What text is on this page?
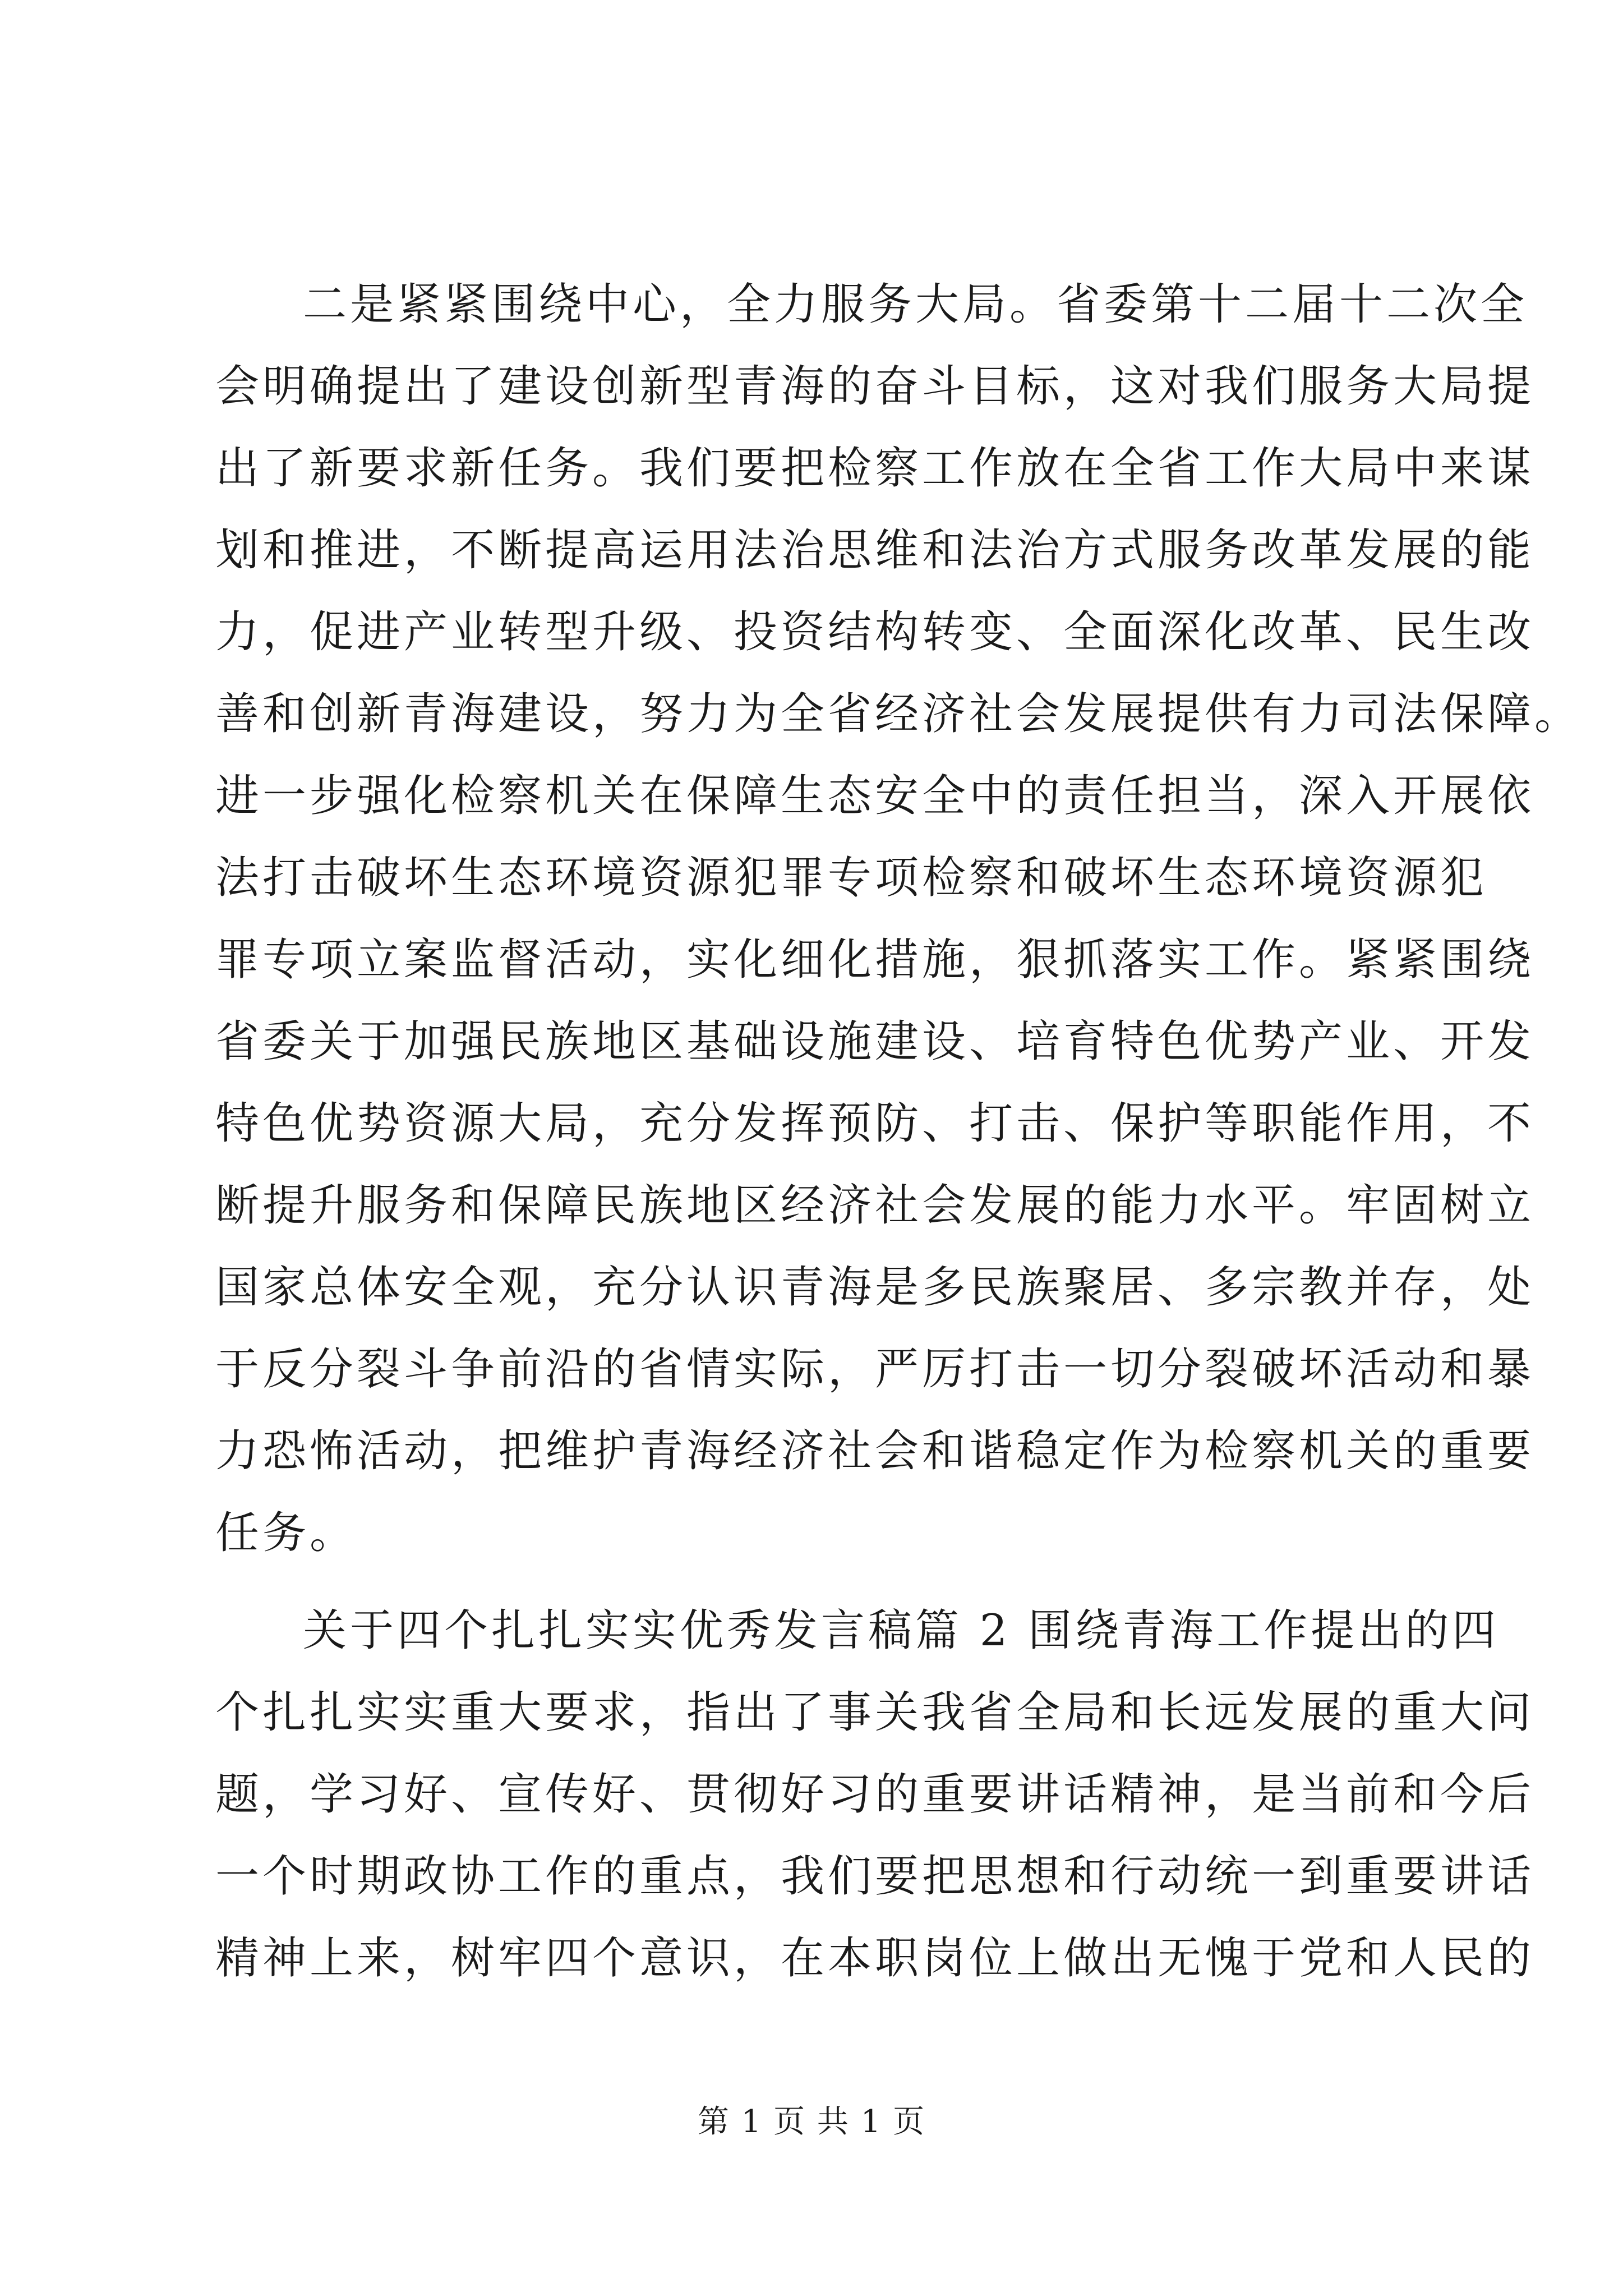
二是紧紧围绕中心，全力服务大局。省委第十二届十二次全
会明确提出了建设创新型青海的奋斗目标，这对我们服务大局提
出了新要求新任务。我们要把检察工作放在全省工作大局中来谋
划和推进，不断提高运用法治思维和法治方式服务改革发展的能
力，促进产业转型升级、投资结构转变、全面深化改革、民生改
善和创新青海建设，努力为全省经济社会发展提供有力司法保障。
进一步强化检察机关在保障生态安全中的责任担当，深入开展依
法打击破坏生态环境资源犯罪专项检察和破坏生态环境资源犯
罪专项立案监督活动，实化细化措施，狠抓落实工作。紧紧围绕
省委关于加强民族地区基础设施建设、培育特色优势产业、开发
特色优势资源大局，充分发挥预防、打击、保护等职能作用，不
断提升服务和保障民族地区经济社会发展的能力水平。牢固树立
国家总体安全观，充分认识青海是多民族聚居、多宗教并存，处
于反分裂斗争前沿的省情实际，严厉打击一切分裂破坏活动和暴
力恐怖活动，把维护青海经济社会和谐稳定作为检察机关的重要
任务。
关于四个扎扎实实优秀发言稿篇 2 围绕青海工作提出的四
个扎扎实实重大要求，指出了事关我省全局和长远发展的重大问
题，学习好、宣传好、贯彻好习的重要讲话精神，是当前和今后
一个时期政协工作的重点，我们要把思想和行动统一到重要讲话
精神上来，树牢四个意识，在本职岗位上做出无愧于党和人民的
第 1 页 共 1 页
